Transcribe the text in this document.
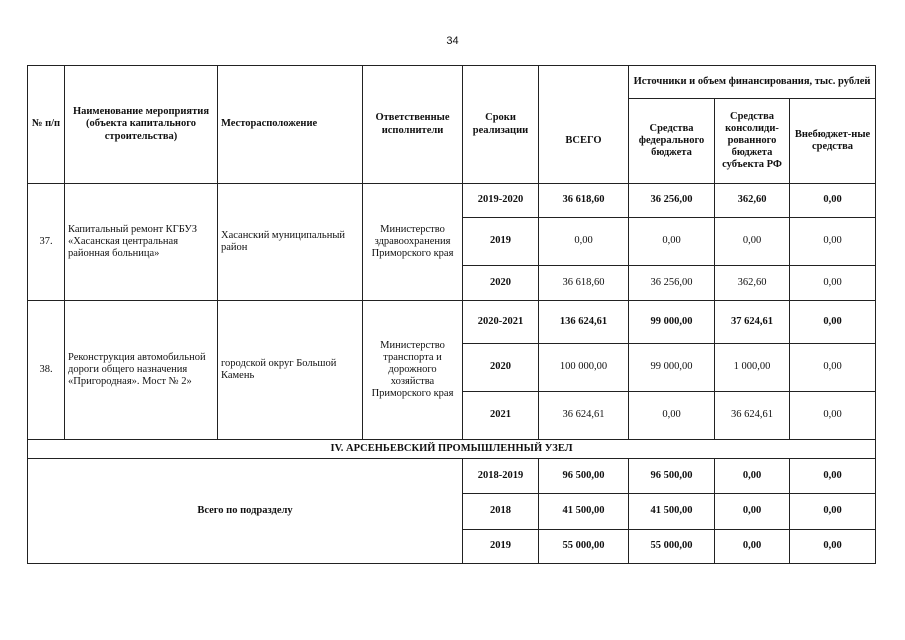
34
№ п/п	Наименование мероприятия (объекта капитального строительства)	Месторасположение	Ответственные исполнители	Сроки реализации		Источники и объем финансирования, тыс. рублей		
					ВСЕГО	Средства федерального бюджета	Средства консолиди-рованного бюджета субъекта РФ	Внебюджет-ные средства
37.	Капитальный ремонт КГБУЗ «Хасанская центральная районная больница»	Хасанский муниципальный район	Министерство здравоохранения Приморского края	2019-2020	36 618,60	36 256,00	362,60	0,00
				2019	0,00	0,00	0,00	0,00
				2020	36 618,60	36 256,00	362,60	0,00
38.	Реконструкция автомобильной дороги общего назначения «Пригородная». Мост № 2»	городской округ Большой Камень	Министерство транспорта и дорожного хозяйства Приморского края	2020-2021	136 624,61	99 000,00	37 624,61	0,00
				2020	100 000,00	99 000,00	1 000,00	0,00
				2021	36 624,61	0,00	36 624,61	0,00
IV. АРСЕНЬЕВСКИЙ ПРОМЫШЛЕННЫЙ УЗЕЛ								
Всего по подразделу				2018-2019	96 500,00	96 500,00	0,00	0,00
				2018	41 500,00	41 500,00	0,00	0,00
				2019	55 000,00	55 000,00	0,00	0,00
